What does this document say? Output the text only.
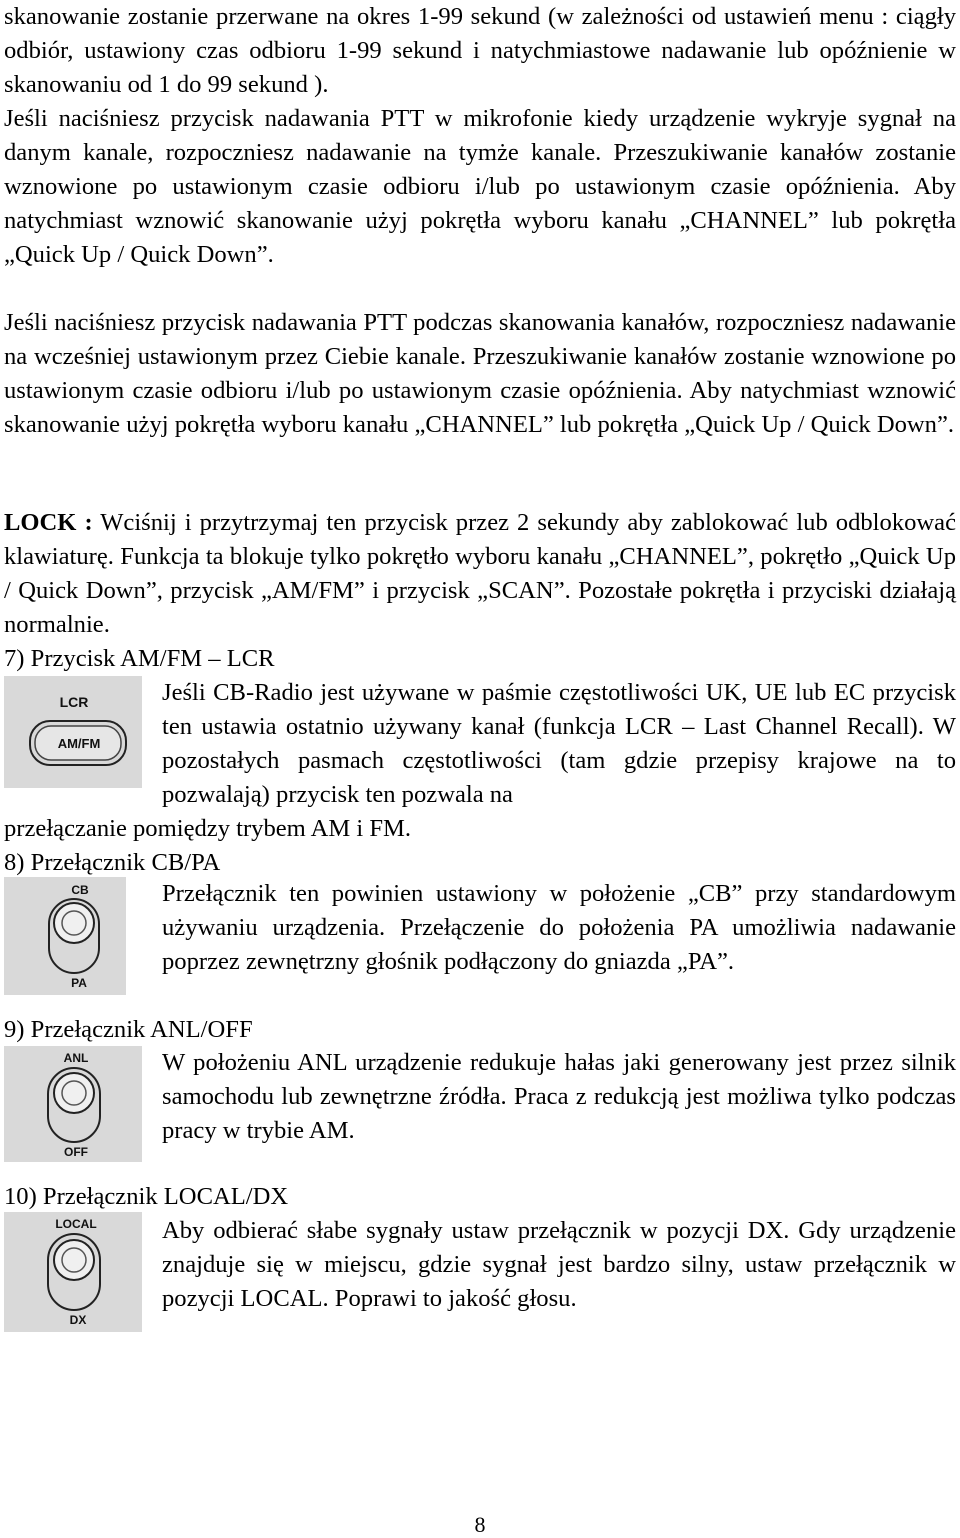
skanowanie zostanie przerwane na okres 1-99 sekund (w zależności od ustawień menu : ciągły odbiór, ustawiony czas odbioru 1-99 sekund i natychmiastowe nadawanie lub opóźnienie w skanowaniu od 1 do 99 sekund ).

Jeśli naciśniesz przycisk nadawania PTT w mikrofonie kiedy urządzenie wykryje sygnał na danym kanale, rozpoczniesz nadawanie na tymże kanale. Przeszukiwanie kanałów zostanie wznowione po ustawionym czasie odbioru i/lub po ustawionym czasie opóźnienia. Aby natychmiast wznowić skanowanie użyj pokrętła wyboru kanału „CHANNEL” lub pokrętła „Quick Up / Quick Down”.

Jeśli naciśniesz przycisk nadawania PTT podczas skanowania kanałów, rozpoczniesz nadawanie na wcześniej ustawionym przez Ciebie kanale. Przeszukiwanie kanałów zostanie wznowione po ustawionym czasie odbioru i/lub po ustawionym czasie opóźnienia. Aby natychmiast wznowić skanowanie użyj pokrętła wyboru kanału „CHANNEL” lub pokrętła „Quick Up / Quick Down”.

LOCK : Wciśnij i przytrzymaj ten przycisk przez 2 sekundy aby zablokować lub odblokować klawiaturę. Funkcja ta blokuje tylko pokrętło wyboru kanału „CHANNEL”, pokrętło „Quick Up / Quick Down”, przycisk „AM/FM” i przycisk „SCAN”. Pozostałe pokrętła i przyciski działają normalnie.

7) Przycisk AM/FM – LCR

LCR
AM/FM

Jeśli CB-Radio jest używane w paśmie częstotliwości UK, UE lub EC przycisk ten ustawia ostatnio używany kanał (funkcja LCR – Last Channel Recall). W pozostałych pasmach częstotliwości (tam gdzie przepisy krajowe na to pozwalają) przycisk ten pozwala na

przełączanie pomiędzy trybem AM i FM.

8) Przełącznik CB/PA

CB
PA

Przełącznik ten powinien ustawiony w położenie „CB” przy standardowym używaniu urządzenia. Przełączenie do położenia PA umożliwia nadawanie poprzez zewnętrzny głośnik podłączony do gniazda „PA”.

9) Przełącznik ANL/OFF

ANL
OFF

W położeniu ANL urządzenie redukuje hałas jaki generowany jest przez silnik samochodu lub zewnętrzne źródła. Praca z redukcją jest możliwa tylko podczas pracy w trybie AM.

10) Przełącznik LOCAL/DX

LOCAL
DX

Aby odbierać słabe sygnały ustaw przełącznik w pozycji DX. Gdy urządzenie znajduje się w miejscu, gdzie sygnał jest bardzo silny, ustaw przełącznik w pozycji LOCAL. Poprawi to jakość głosu.

8
